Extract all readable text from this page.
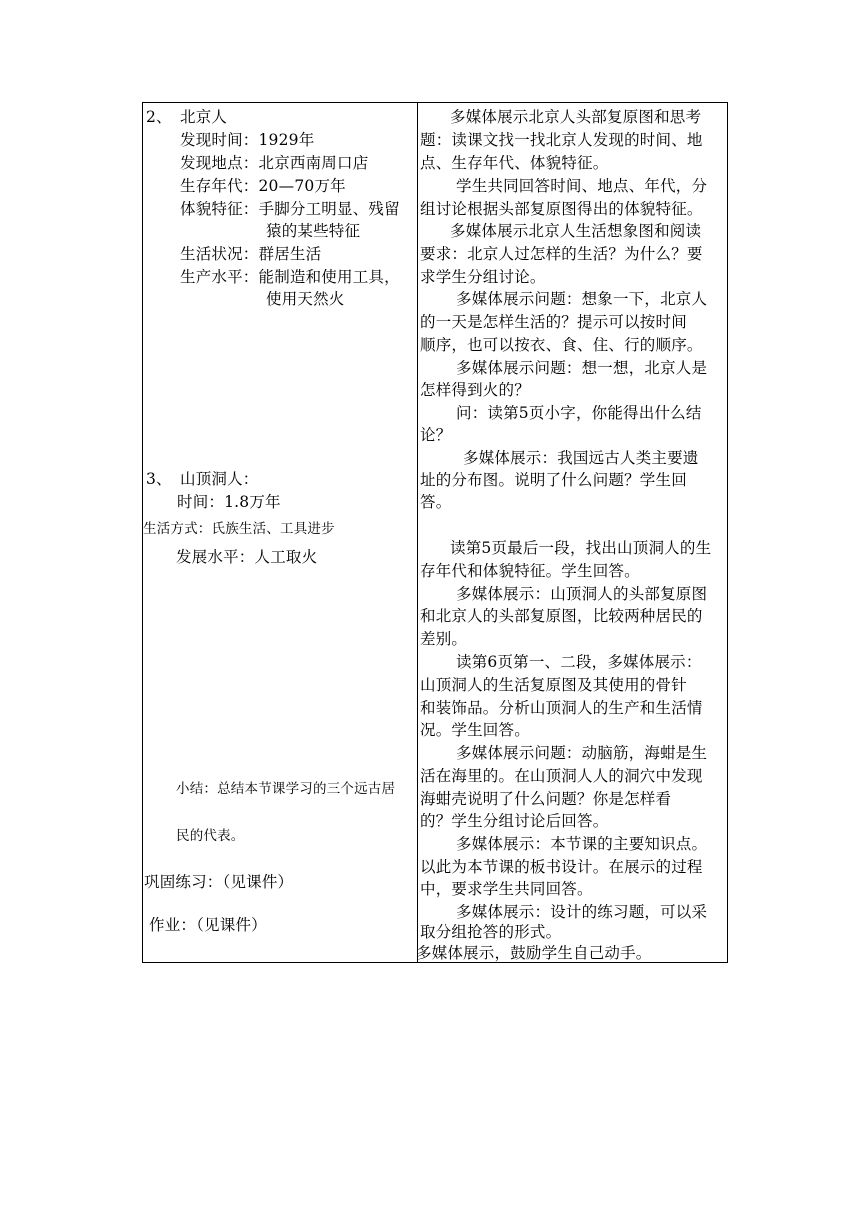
2、 北京人
发现时间：1929年
发现地点：北京西南周口店
生存年代：20—70万年
体貌特征：手脚分工明显、残留
猿的某些特征
生活状况：群居生活
生产水平：能制造和使用工具，
使用天然火
3、 山顶洞人：
时间：1.8万年
生活方式：氏族生活、工具进步
发展水平：人工取火
小结：总结本节课学习的三个远古居
民的代表。
巩固练习：（见课件）
作业：（见课件）
多媒体展示北京人头部复原图和思考
题：读课文找一找北京人发现的时间、地
点、生存年代、体貌特征。
学生共同回答时间、地点、年代，分
组讨论根据头部复原图得出的体貌特征。
多媒体展示北京人生活想象图和阅读
要求：北京人过怎样的生活？为什么？要
求学生分组讨论。
多媒体展示问题：想象一下，北京人
的一天是怎样生活的？提示可以按时间
顺序，也可以按衣、食、住、行的顺序。
多媒体展示问题：想一想，北京人是
怎样得到火的？
问：读第5页小字，你能得出什么结
论？
多媒体展示：我国远古人类主要遗
址的分布图。说明了什么问题？学生回
答。
读第5页最后一段，找出山顶洞人的生
存年代和体貌特征。学生回答。
多媒体展示：山顶洞人的头部复原图
和北京人的头部复原图，比较两种居民的
差别。
读第6页第一、二段，多媒体展示：
山顶洞人的生活复原图及其使用的骨针
和装饰品。分析山顶洞人的生产和生活情
况。学生回答。
多媒体展示问题：动脑筋，海蚶是生
活在海里的。在山顶洞人人的洞穴中发现
海蚶壳说明了什么问题？你是怎样看
的？学生分组讨论后回答。
多媒体展示：本节课的主要知识点。
以此为本节课的板书设计。在展示的过程
中，要求学生共同回答。
多媒体展示：设计的练习题，可以采
取分组抢答的形式。
多媒体展示，鼓励学生自己动手。
